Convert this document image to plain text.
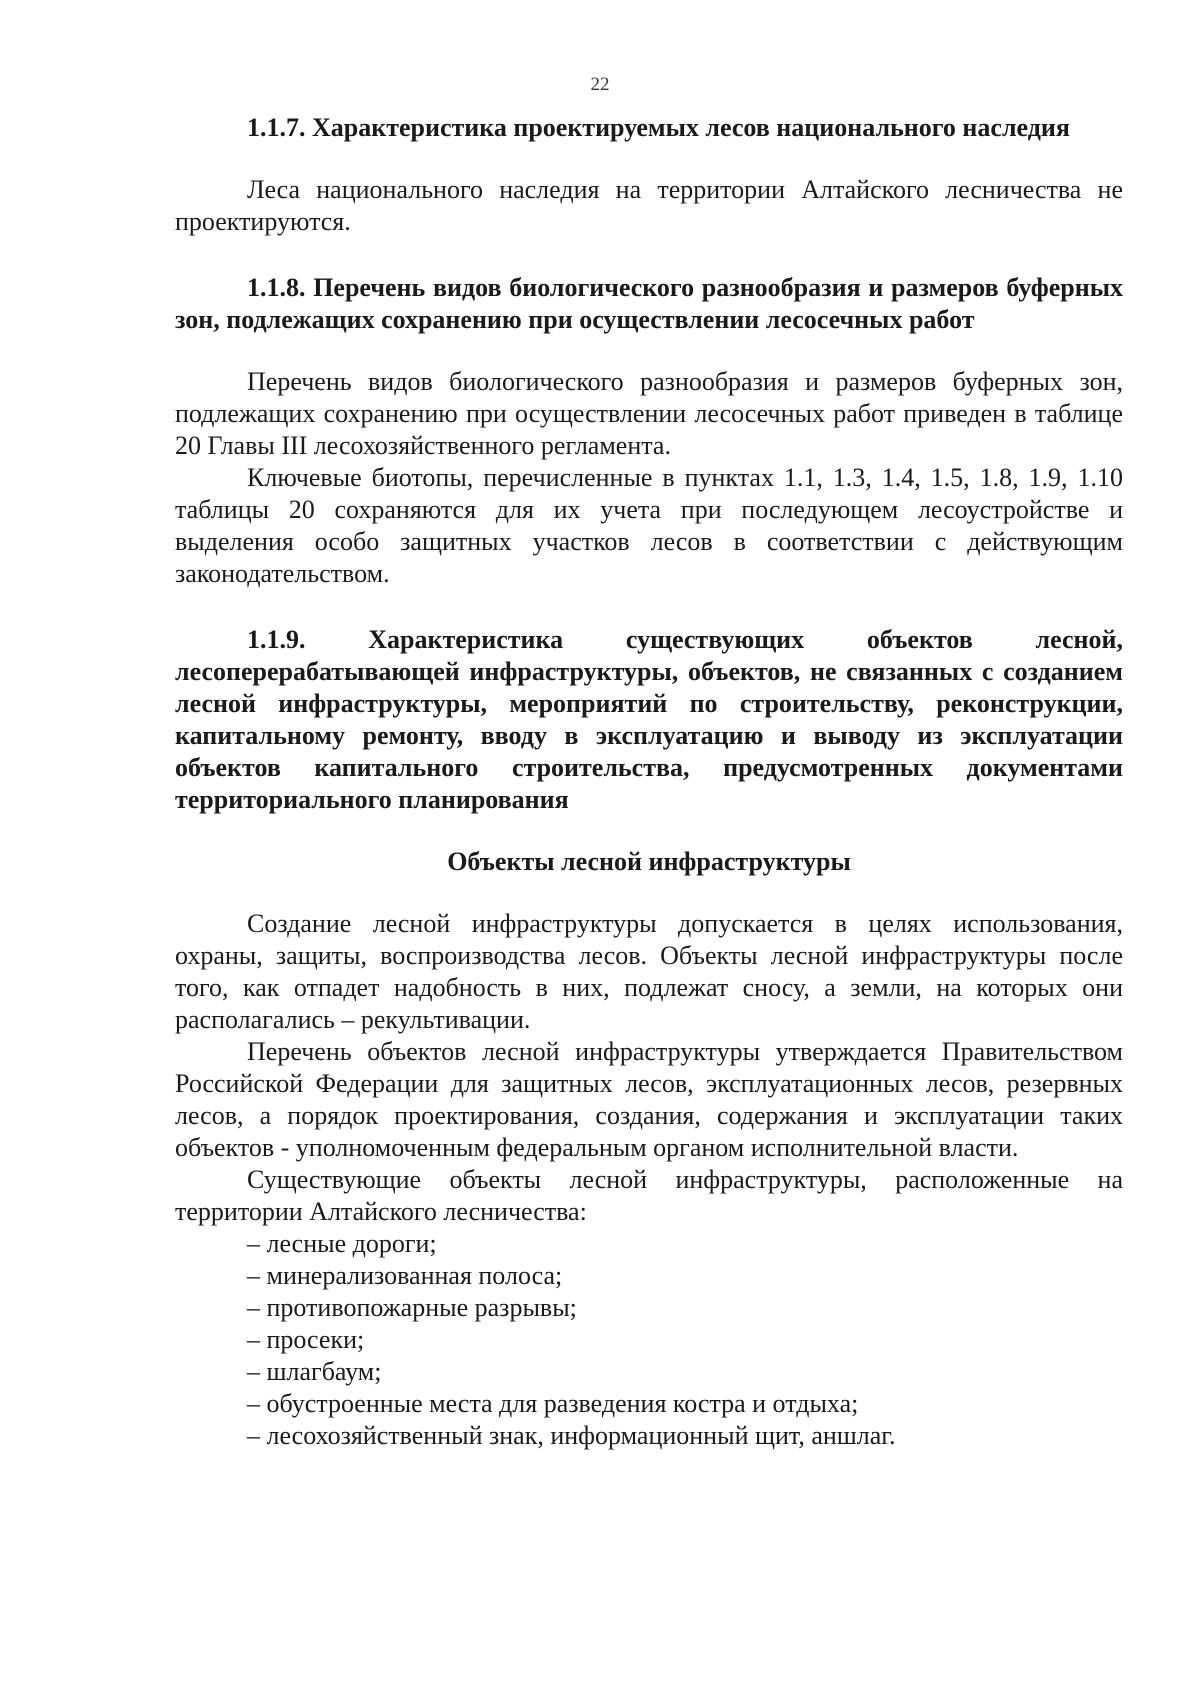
22

1.1.7. Характеристика проектируемых лесов национального наследия

Леса национального наследия на территории Алтайского лесничества не проектируются.

1.1.8. Перечень видов биологического разнообразия и размеров буферных зон, подлежащих сохранению при осуществлении лесосечных работ

Перечень видов биологического разнообразия и размеров буферных зон, подлежащих сохранению при осуществлении лесосечных работ приведен в таблице 20 Главы III лесохозяйственного регламента.

Ключевые биотопы, перечисленные в пунктах 1.1, 1.3, 1.4, 1.5, 1.8, 1.9, 1.10 таблицы 20 сохраняются для их учета при последующем лесоустройстве и выделения особо защитных участков лесов в соответствии с действующим законодательством.

1.1.9. Характеристика существующих объектов лесной, лесоперерабатывающей инфраструктуры, объектов, не связанных с созданием лесной инфраструктуры, мероприятий по строительству, реконструкции, капитальному ремонту, вводу в эксплуатацию и выводу из эксплуатации объектов капитального строительства, предусмотренных документами территориального планирования

Объекты лесной инфраструктуры

Создание лесной инфраструктуры допускается в целях использования, охраны, защиты, воспроизводства лесов. Объекты лесной инфраструктуры после того, как отпадет надобность в них, подлежат сносу, а земли, на которых они располагались – рекультивации.

Перечень объектов лесной инфраструктуры утверждается Правительством Российской Федерации для защитных лесов, эксплуатационных лесов, резервных лесов, а порядок проектирования, создания, содержания и эксплуатации таких объектов - уполномоченным федеральным органом исполнительной власти.

Существующие объекты лесной инфраструктуры, расположенные на территории Алтайского лесничества:

– лесные дороги;
– минерализованная полоса;
– противопожарные разрывы;
– просеки;
– шлагбаум;
– обустроенные места для разведения костра и отдыха;
– лесохозяйственный знак, информационный щит, аншлаг.
